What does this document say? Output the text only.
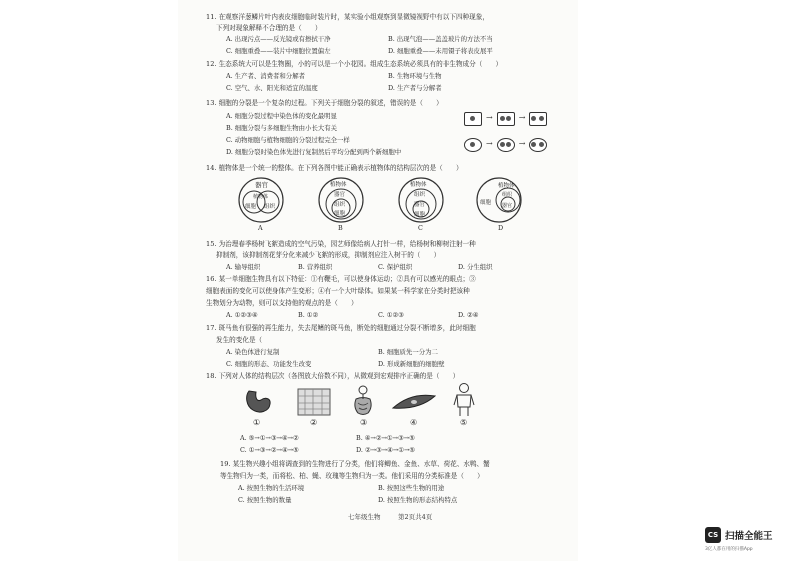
11. 在观察洋葱鳞片叶内表皮细胞临时装片时，某实验小组观察到显微镜视野中有以下四种现象，
下列对现象解释不合理的是（　　）
A. 出现污点——反光镜或有擦拭干净	B. 出现气泡——盖盖玻片的方法不当
C. 细胞重叠——装片中细胞位置偏左	D. 细胞重叠——未用镊子将表皮展平
12. 生态系统大可以是生物圈，小的可以是一个小花园。组成生态系统必须具有的非生物成分（　　）
A. 生产者、消费者和分解者	B. 生物环境与生物
C. 空气、水、阳光和适宜的温度	D. 生产者与分解者
13. 细胞的分裂是一个复杂的过程。下列关于细胞分裂的叙述，错误的是（　　）
A. 细胞分裂过程中染色体的变化最明显
B. 细胞分裂与多细胞生物由小长大有关
C. 动物细胞与植物细胞的分裂过程完全一样
D. 细胞分裂时染色体先进行复制然后平均分配到两个新细胞中
→	→
→	→
14. 植物体是一个统一的整体。在下列各图中能正确表示植物体的结构层次的是（　　）
器官
细胞 组织
植物体
A
植物体
器官
组织
细胞
B
植物体
组织
器官
细胞
C
植物体
细胞
组织
器官
D
15. 为治理春季杨树飞絮造成的空气污染，园艺师像给病人打针一样，给杨树和柳树注射一种
抑制剂，该抑制剂花芽分化来减少飞絮的形成，抑制剂应注入树干的（　　）
A. 输导组织	B. 营养组织	C. 保护组织	D. 分生组织
16. 某一单细胞生物具有以下特征：①有鞭毛，可以使身体运动；②具有可以感光的眼点；③
细胞表面的变化可以使身体产生变形；④有一个大叶绿体。如果某一科学家在分类时把该种
生物划分为动物，则可以支持他的观点的是（　　）
A. ①②③④	B. ①②	C. ①②③	D. ②④
17. 斑马鱼有很强的再生能力，失去尾鳍的斑马鱼，断处的细胞通过分裂不断增多，此时细胞
发生的变化是（
A. 染色体进行复制	B. 细胞质先一分为二
C. 细胞的形态、功能发生改变	D. 形成新细胞的细胞壁
18. 下列对人体的结构层次（各图放大倍数不同），从微观到宏观排序正确的是（　　）
①	②	③	④	⑤
A. ⑤→①→③→④→②	B. ④→②→①→③→⑤
C. ①→③→②→④→⑤	D. ②→③→④→①→⑤
19. 某生物兴趣小组将调查到的生物进行了分类，他们将鲫鱼、金鱼、水草、荷花、水鸭、蟹
等生物归为一类，而将松、柏、蝇、玫瑰等生物归为一类。他们采用的分类标准是（　　）
A. 按照生物的生活环境	B. 按照这些生物的用途
C. 按照生物的数量	D. 按照生物的形态结构特点
七年级生物	第2页共4页
CS 扫描全能王
3亿人都在用的扫描App
